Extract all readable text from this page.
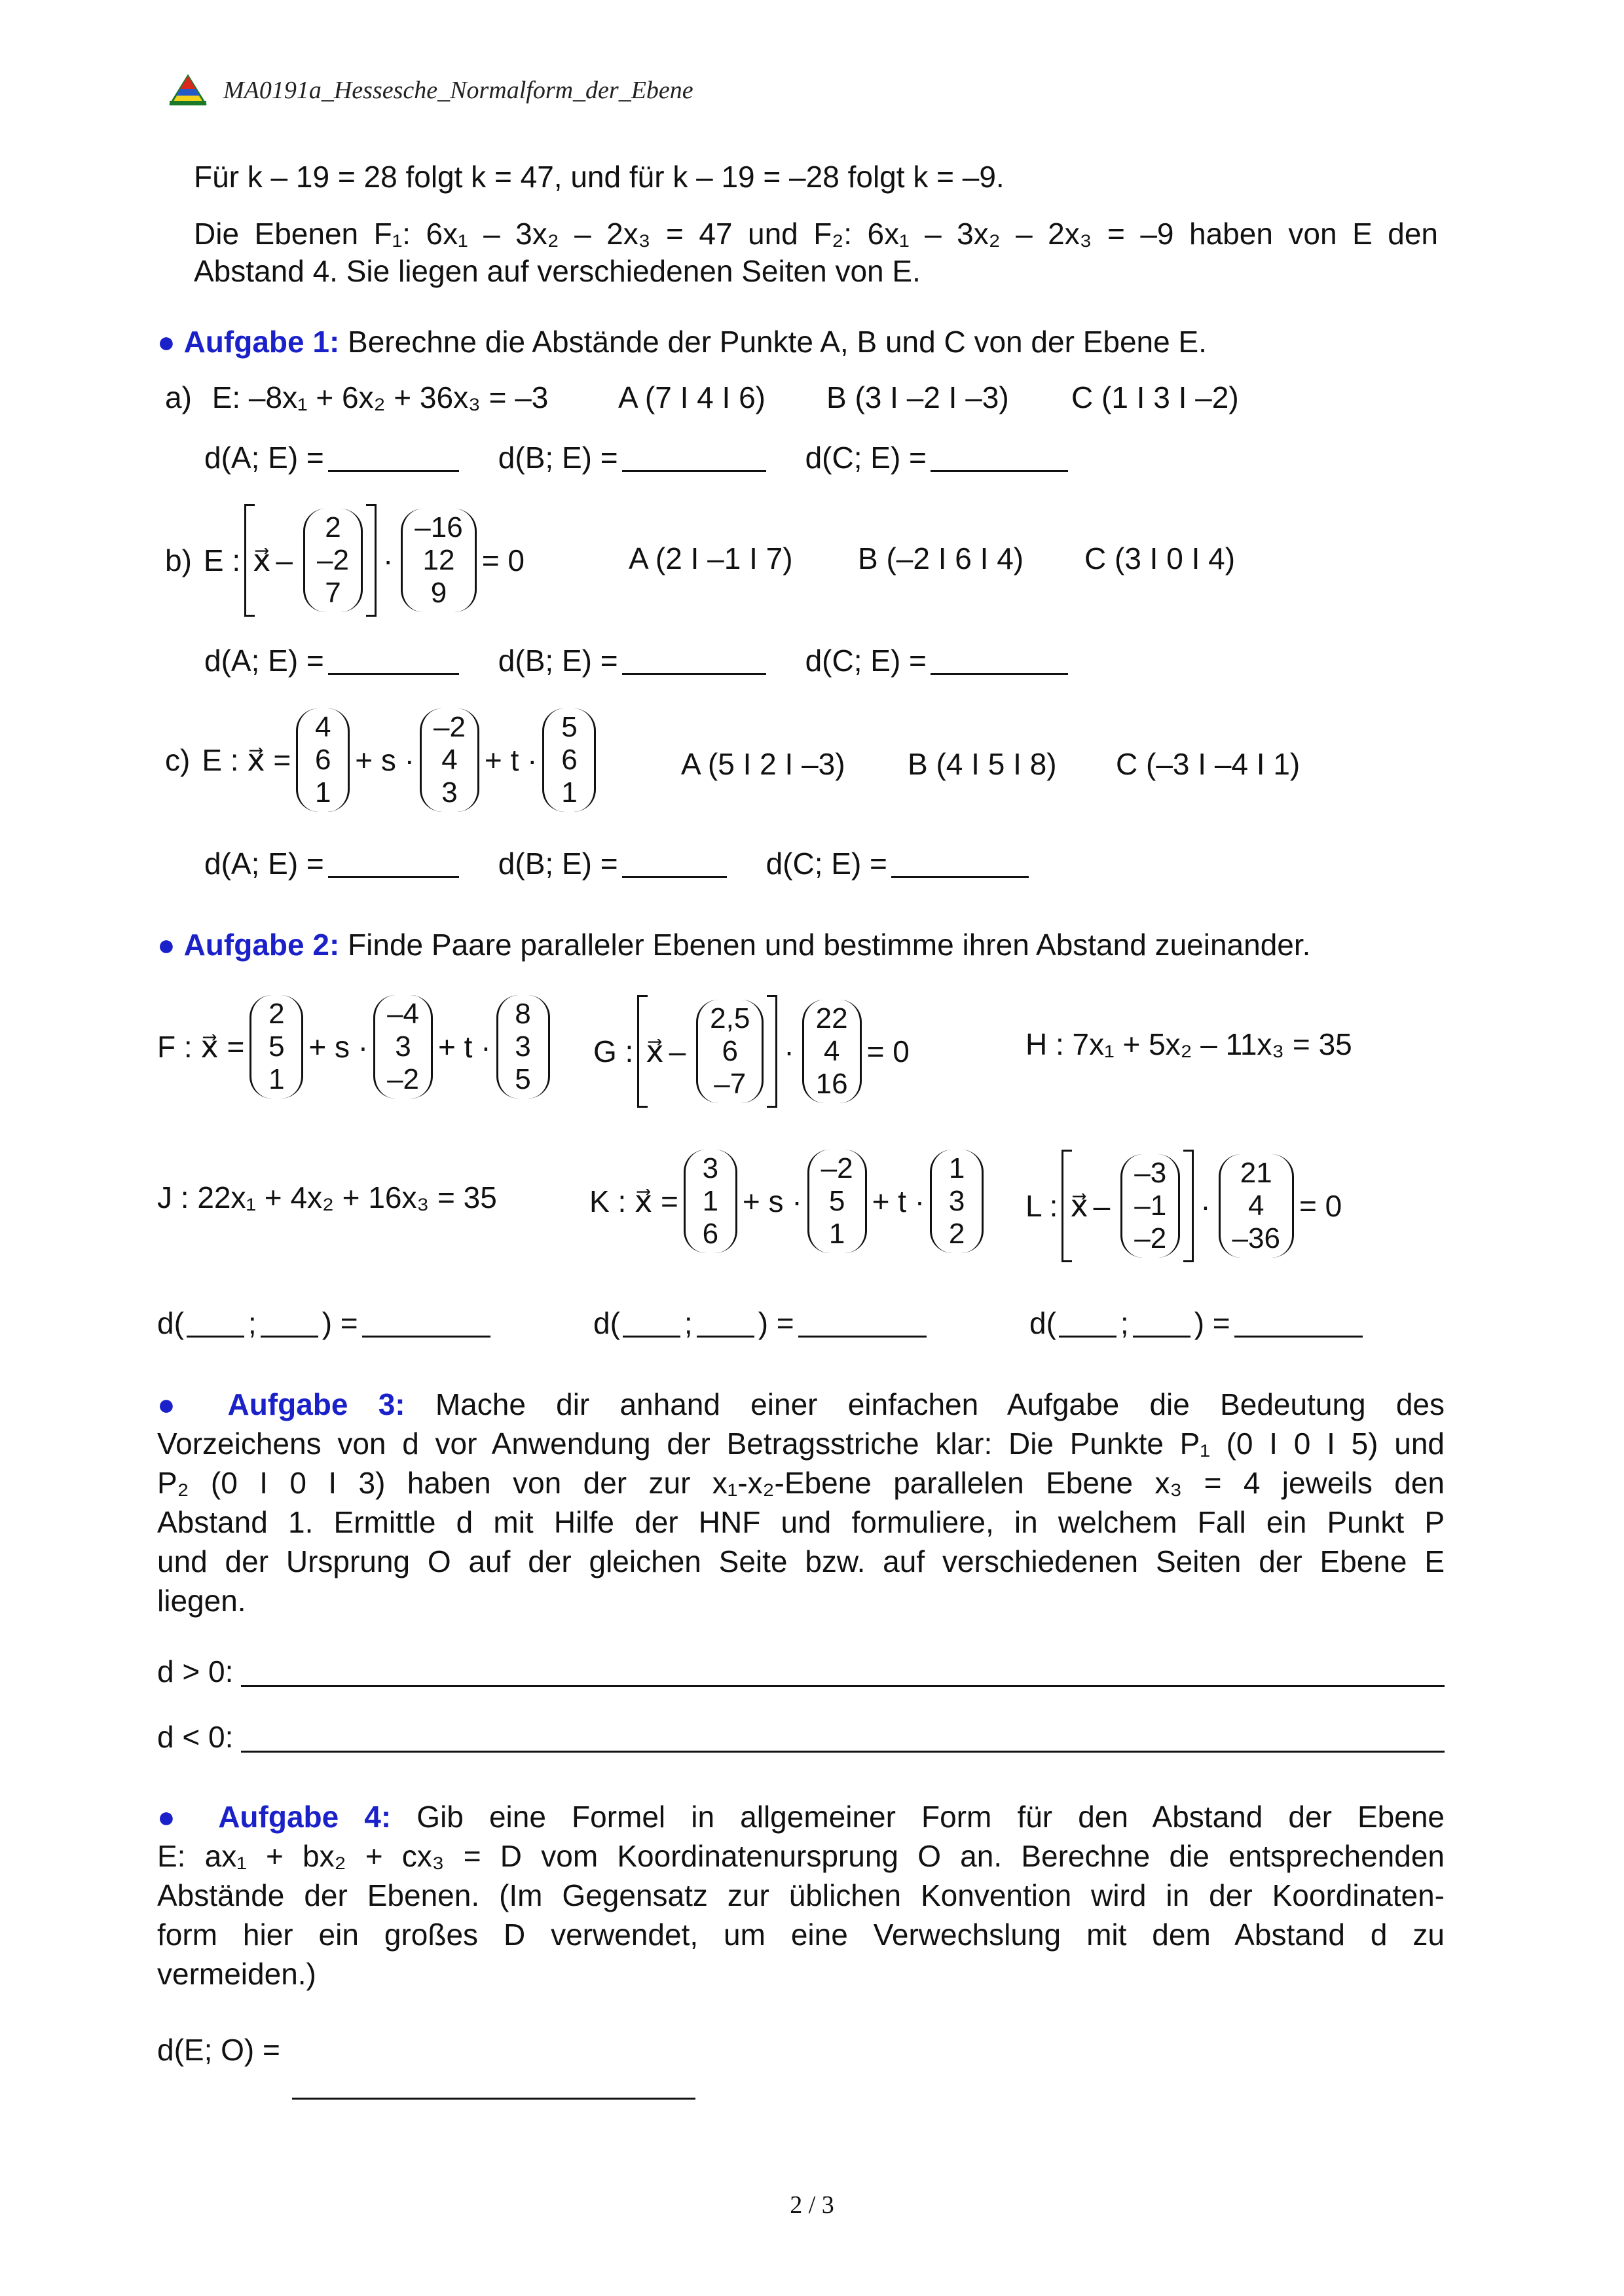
MA0191a_Hessesche_Normalform_der_Ebene
Für k – 19 = 28 folgt k = 47, und für k – 19 = –28 folgt k = –9.
Die Ebenen F₁: 6x₁ – 3x₂ – 2x₃ = 47 und F₂: 6x₁ – 3x₂ – 2x₃ = –9 haben von E den
Abstand 4. Sie liegen auf verschiedenen Seiten von E.
● Aufgabe 1: Berechne die Abstände der Punkte A, B und C von der Ebene E.
a) E: –8x₁ + 6x₂ + 36x₃ = –3 A (7 I 4 I 6) B (3 I –2 I –3) C (1 I 3 I –2)
d(A; E) =	d(B; E) =	d(C; E) =
b) E : x⃗ –
2
–2
7
·
–16
12
9
= 0	A (2 I –1 I 7) B (–2 I 6 I 4) C (3 I 0 I 4)
d(A; E) =	d(B; E) =	d(C; E) =
c) E : x⃗ =
4
6
1
+ s ·
–2
4
3
+ t ·
5
6
1
A (5 I 2 I –3) B (4 I 5 I 8) C (–3 I –4 I 1)
d(A; E) =	d(B; E) =	d(C; E) =
● Aufgabe 2: Finde Paare paralleler Ebenen und bestimme ihren Abstand zueinander.
F : x⃗ =
2
5
1
+ s ·
–4
3
–2
+ t ·
8
3
5
G : x⃗ –
2,5
6
–7
·
22
4
16
= 0	H : 7x₁ + 5x₂ – 11x₃ = 35
J : 22x₁ + 4x₂ + 16x₃ = 35	K : x⃗ =
3
1
6
+ s ·
–2
5
1
+ t ·
1
3
2
L : x⃗ –
–3
–1
–2
·
21
4
–36
= 0
d( ; ) =	d( ; ) =	d( ; ) =
● Aufgabe 3: Mache dir anhand einer einfachen Aufgabe die Bedeutung des
Vorzeichens von d vor Anwendung der Betragsstriche klar: Die Punkte P₁ (0 I 0 I 5) und
P₂ (0 I 0 I 3) haben von der zur x₁-x₂-Ebene parallelen Ebene x₃ = 4 jeweils den
Abstand 1. Ermittle d mit Hilfe der HNF und formuliere, in welchem Fall ein Punkt P
und der Ursprung O auf der gleichen Seite bzw. auf verschiedenen Seiten der Ebene E
liegen.
d > 0:
d < 0:
● Aufgabe 4: Gib eine Formel in allgemeiner Form für den Abstand der Ebene
E: ax₁ + bx₂ + cx₃ = D vom Koordinatenursprung O an. Berechne die entsprechenden
Abstände der Ebenen. (Im Gegensatz zur üblichen Konvention wird in der Koordinaten-
form hier ein großes D verwendet, um eine Verwechslung mit dem Abstand d zu
vermeiden.)
d(E; O) =
2 / 3
